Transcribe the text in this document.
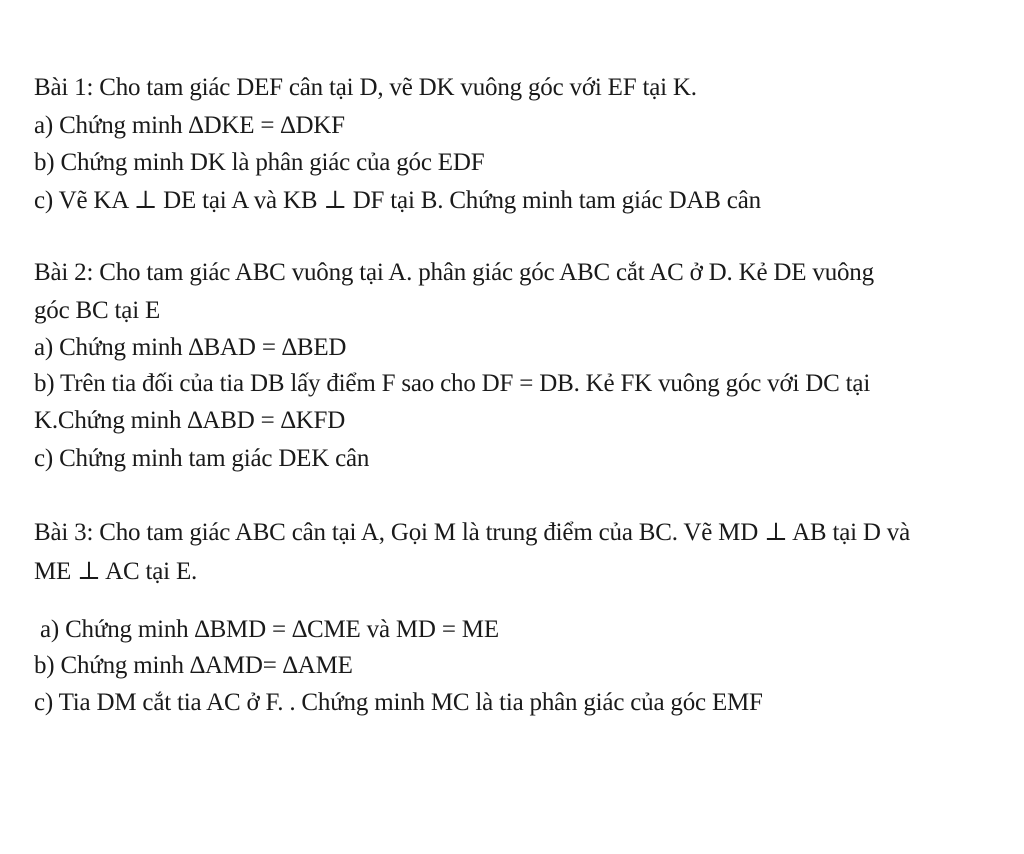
Bài 1: Cho tam giác DEF cân tại D, vẽ DK vuông góc với EF tại K.
a) Chứng minh ∆DKE = ∆DKF
b) Chứng minh DK là phân giác của góc EDF
c) Vẽ KA ⊥ DE tại A và KB ⊥ DF tại B. Chứng minh tam giác DAB cân
Bài 2: Cho tam giác ABC vuông tại A. phân giác góc ABC cắt AC ở D. Kẻ DE vuông
góc BC tại E
a) Chứng minh ∆BAD = ∆BED
b) Trên tia đối của tia DB lấy điểm F sao cho DF = DB. Kẻ FK vuông góc với DC tại
K.Chứng minh ∆ABD = ∆KFD
c) Chứng minh tam giác DEK cân
Bài 3: Cho tam giác ABC cân tại A, Gọi M là trung điểm của BC. Vẽ MD ⊥ AB tại D và
ME ⊥ AC tại E.
a) Chứng minh ∆BMD = ∆CME và MD = ME
b) Chứng minh ∆AMD= ∆AME
c) Tia DM cắt tia AC ở F. . Chứng minh MC là tia phân giác của góc EMF
